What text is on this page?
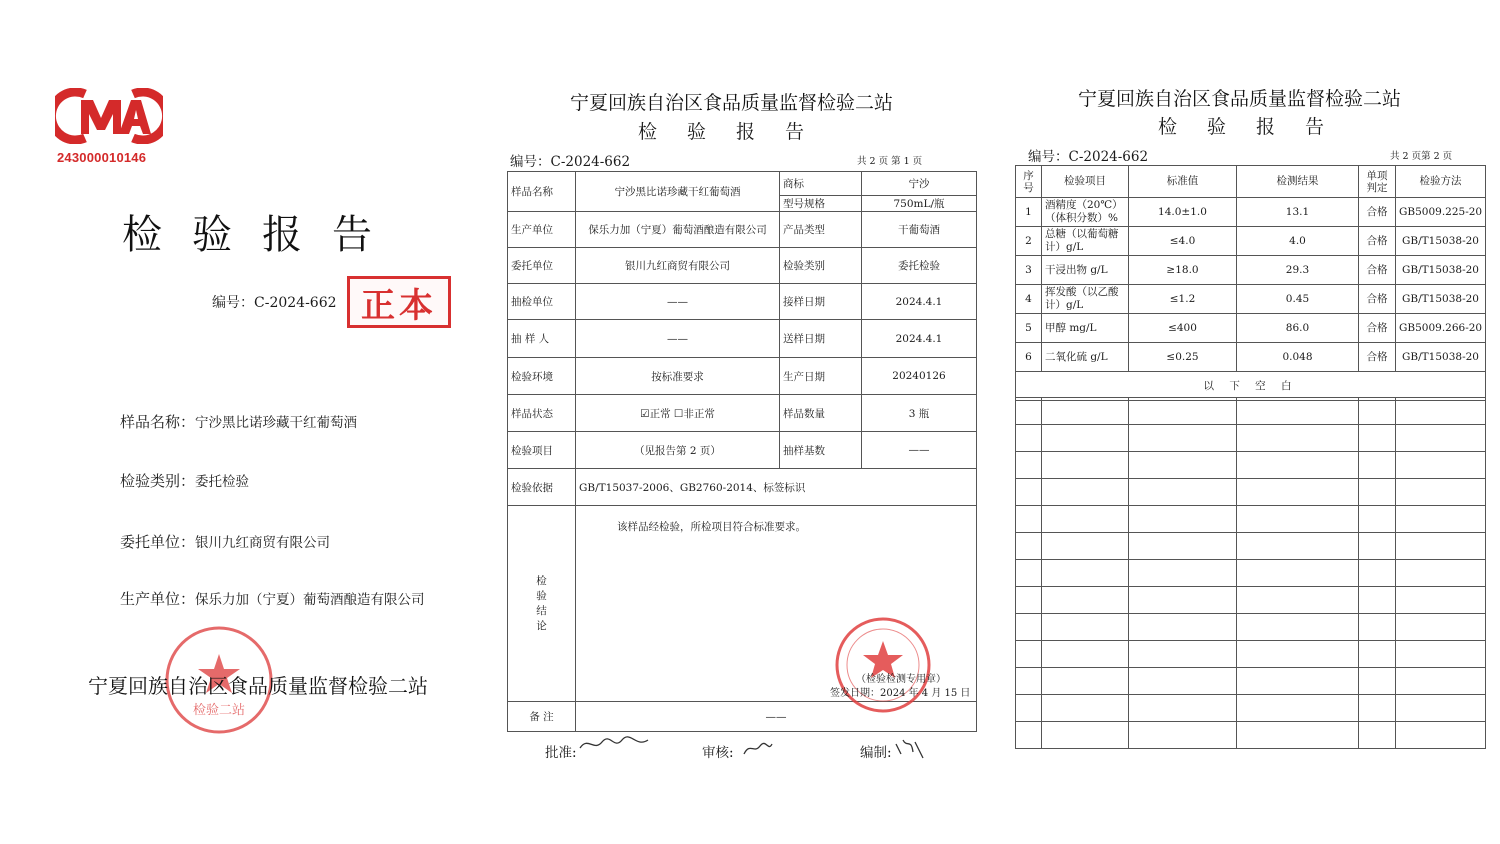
243000010146
检验报告
编号：C-2024-662 正本
样品名称：宁沙黑比诺珍藏干红葡萄酒
检验类别：委托检验
委托单位：银川九红商贸有限公司
生产单位：保乐力加（宁夏）葡萄酒酿造有限公司
检验二站
宁夏回族自治区食品质量监督检验二站
宁夏回族自治区食品质量监督检验二站
检验报告
编号：C-2024-662	共 2 页 第 1 页
样品名称	宁沙黑比诺珍藏干红葡萄酒	商标	宁沙
		型号规格	750mL/瓶
生产单位	保乐力加（宁夏）葡萄酒酿造有限公司	产品类型	干葡萄酒
委托单位	银川九红商贸有限公司	检验类别	委托检验
抽检单位	——	接样日期	2024.4.1
抽 样 人	——	送样日期	2024.4.1
检验环境	按标准要求	生产日期	20240126
样品状态	☑正常 ☐非正常	样品数量	3 瓶
检验项目	（见报告第 2 页）	抽样基数	——
检验依据	GB/T15037-2006、GB2760-2014、标签标识		

检验结论	该样品经检验，所检项目符合标准要求。		

备 注	——		
（检验检测专用章）
签发日期：2024 年 4 月 15 日
批准:	审核:	编制:
宁夏回族自治区食品质量监督检验二站
检验报告
编号：C-2024-662	共 2 页第 2 页
序号	检验项目	标准值	检测结果	单项判定	检验方法
1	酒精度（20℃）（体积分数）%	14.0±1.0	13.1	合格	GB5009.225-20
2	总糖（以葡萄糖计）g/L	≤4.0	4.0	合格	GB/T15038-20
3	干浸出物 g/L	≥18.0	29.3	合格	GB/T15038-20
4	挥发酸（以乙酸计）g/L	≤1.2	0.45	合格	GB/T15038-20
5	甲醇 mg/L	≤400	86.0	合格	GB5009.266-20
6	二氧化硫 g/L	≤0.25	0.048	合格	GB/T15038-20
以 下 空 白					
